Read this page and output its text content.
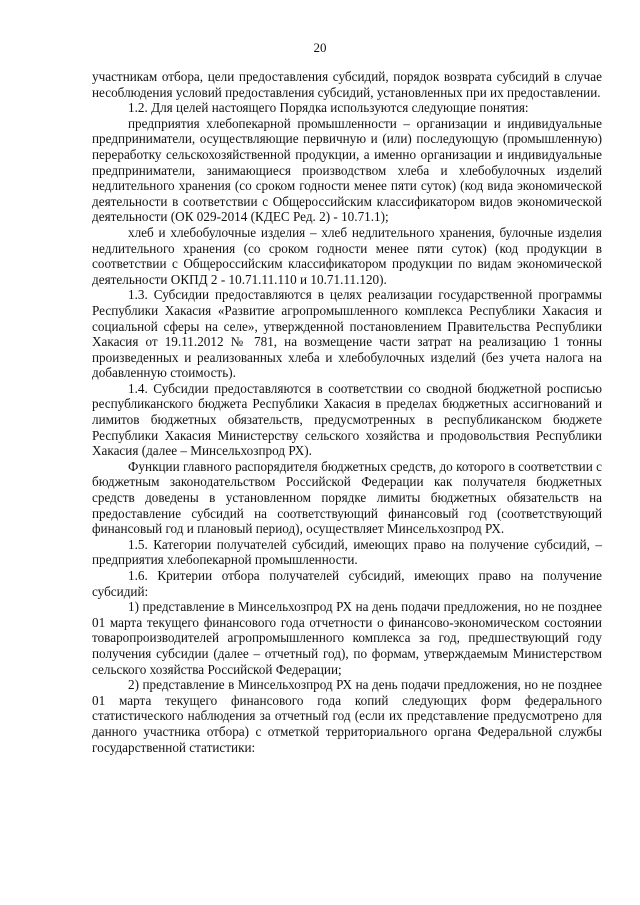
20

участникам отбора, цели предоставления субсидий, порядок возврата субсидий в случае несоблюдения условий предоставления субсидий, установленных при их предоставлении.

1.2. Для целей настоящего Порядка используются следующие понятия:

предприятия хлебопекарной промышленности – организации и индивидуальные предприниматели, осуществляющие первичную и (или) последующую (промышленную) переработку сельскохозяйственной продукции, а именно организации и индивидуальные предприниматели, занимающиеся производством хлеба и хлебобулочных изделий недлительного хранения (со сроком годности менее пяти суток) (код вида экономической деятельности в соответствии с Общероссийским классификатором видов экономической деятельности (ОК 029-2014 (КДЕС Ред. 2) - 10.71.1);

хлеб и хлебобулочные изделия – хлеб недлительного хранения, булочные изделия недлительного хранения (со сроком годности менее пяти суток) (код продукции в соответствии с Общероссийским классификатором продукции по видам экономической деятельности ОКПД 2 - 10.71.11.110 и 10.71.11.120).

1.3. Субсидии предоставляются в целях реализации государственной программы Республики Хакасия «Развитие агропромышленного комплекса Республики Хакасия и социальной сферы на селе», утвержденной постановлением Правительства Республики Хакасия от 19.11.2012 № 781, на возмещение части затрат на реализацию 1 тонны произведенных и реализованных хлеба и хлебобулочных изделий (без учета налога на добавленную стоимость).

1.4. Субсидии предоставляются в соответствии со сводной бюджетной росписью республиканского бюджета Республики Хакасия в пределах бюджетных ассигнований и лимитов бюджетных обязательств, предусмотренных в республиканском бюджете Республики Хакасия Министерству сельского хозяйства и продовольствия Республики Хакасия (далее – Минсельхозпрод РХ).

Функции главного распорядителя бюджетных средств, до которого в соответствии с бюджетным законодательством Российской Федерации как получателя бюджетных средств доведены в установленном порядке лимиты бюджетных обязательств на предоставление субсидий на соответствующий финансовый год (соответствующий финансовый год и плановый период), осуществляет Минсельхозпрод РХ.

1.5. Категории получателей субсидий, имеющих право на получение субсидий, – предприятия хлебопекарной промышленности.

1.6. Критерии отбора получателей субсидий, имеющих право на получение субсидий:

1) представление в Минсельхозпрод РХ на день подачи предложения, но не позднее 01 марта текущего финансового года отчетности о финансово-экономическом состоянии товаропроизводителей агропромышленного комплекса за год, предшествующий году получения субсидии (далее – отчетный год), по формам, утверждаемым Министерством сельского хозяйства Российской Федерации;

2) представление в Минсельхозпрод РХ на день подачи предложения, но не позднее 01 марта текущего финансового года копий следующих форм федерального статистического наблюдения за отчетный год (если их представление предусмотрено для данного участника отбора) с отметкой территориального органа Федеральной службы государственной статистики:
